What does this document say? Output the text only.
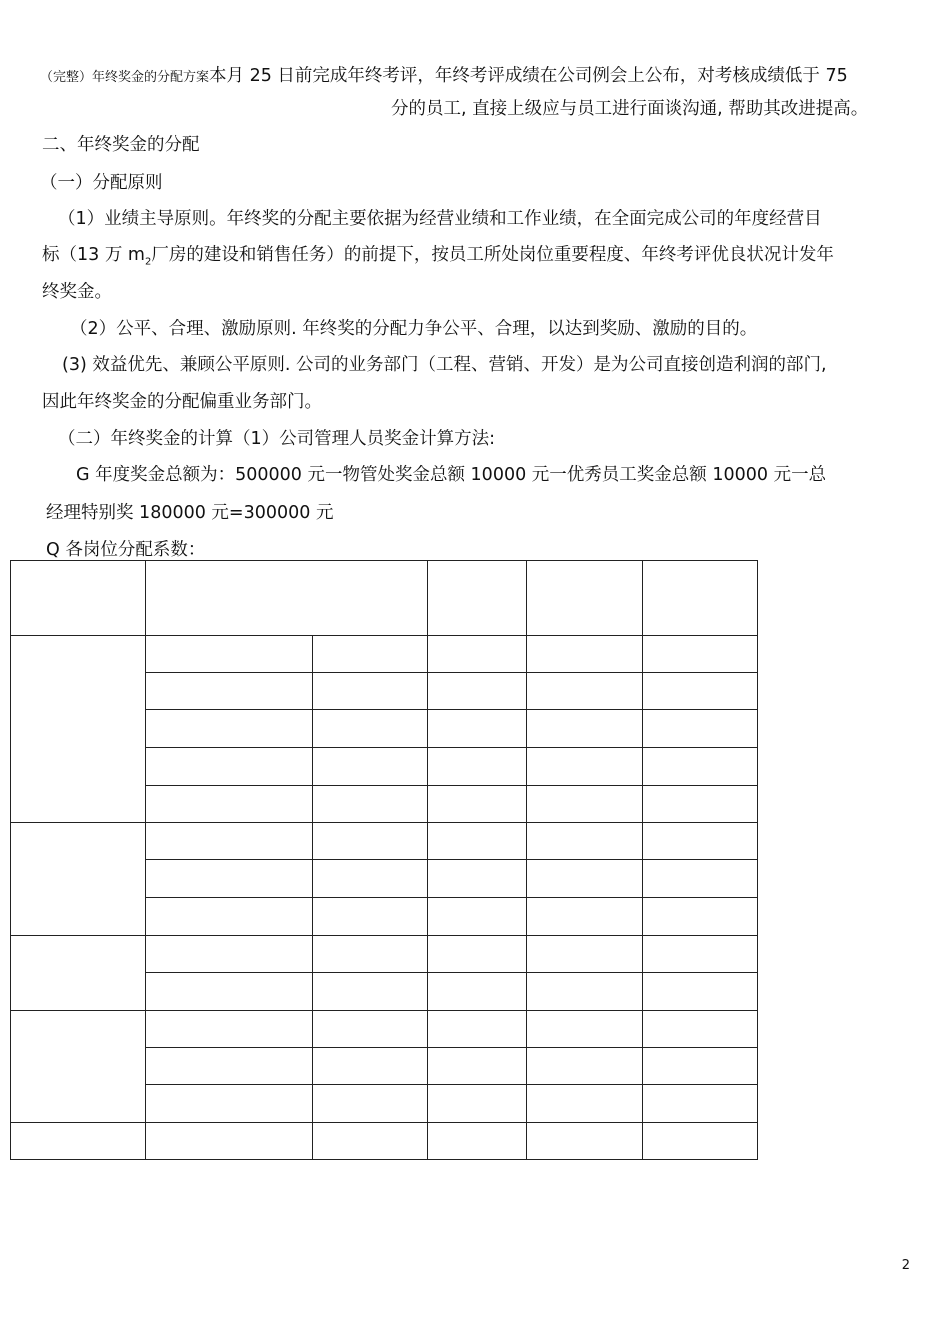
（完整）年终奖金的分配方案本月 25 日前完成年终考评，年终考评成绩在公司例会上公布，对考核成绩低于 75
分的员工, 直接上级应与员工进行面谈沟通, 帮助其改进提高。
二、年终奖金的分配
（一）分配原则
（1）业绩主导原则。年终奖的分配主要依据为经营业绩和工作业绩，在全面完成公司的年度经营目
标（13 万 $m_2$厂房的建设和销售任务）的前提下，按员工所处岗位重要程度、年终考评优良状况计发年
终奖金。
（2）公平、合理、激励原则. 年终奖的分配力争公平、合理，以达到奖励、激励的目的。
(3) 效益优先、兼顾公平原则. 公司的业务部门（工程、营销、开发）是为公司直接创造利润的部门,
因此年终奖金的分配偏重业务部门。
（二）年终奖金的计算（1）公司管理人员奖金计算方法:
G 年度奖金总额为：500000 元一物管处奖金总额 10000 元一优秀员工奖金总额 10000 元一总
经理特别奖 180000 元=300000 元
Q 各岗位分配系数：
2
